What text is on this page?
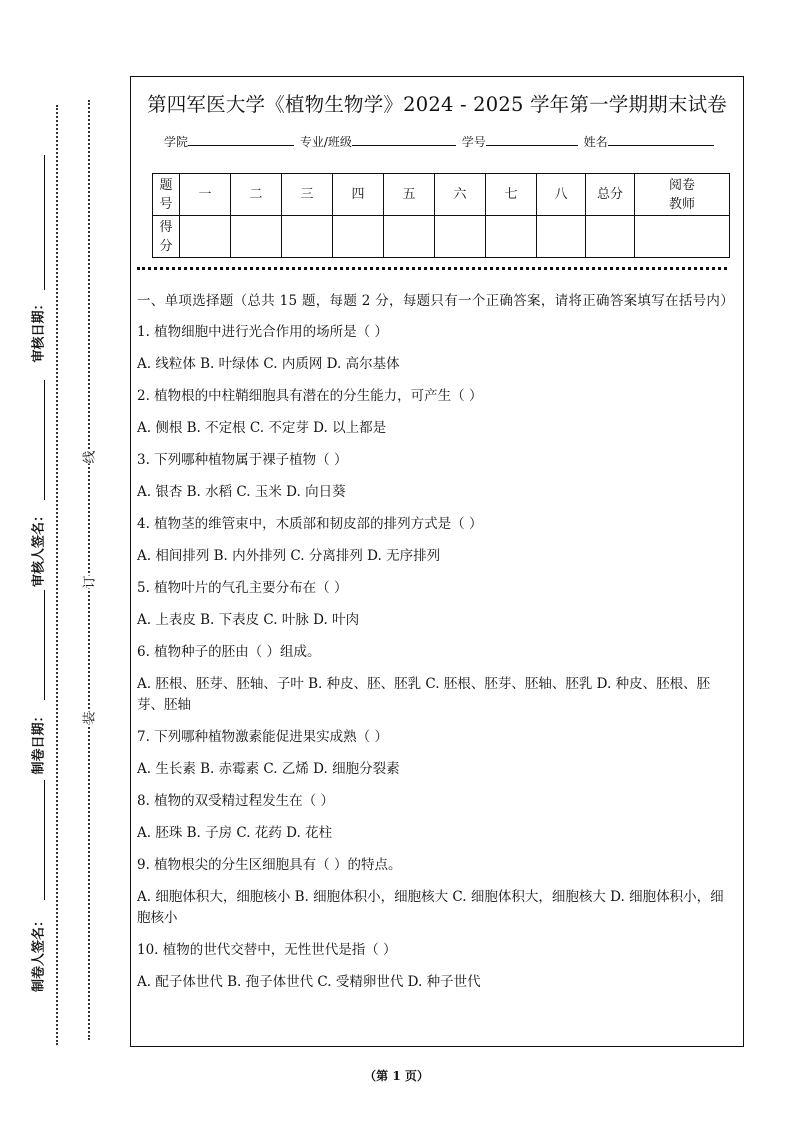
审核日期：
审核人签名：
制卷日期：
制卷人签名：
线
订
装
第四军医大学《植物生物学》2024 - 2025 学年第一学期期末试卷
学院	专业/班级	学号	姓名
题
号	一	二	三	四	五	六	七	八	总分	阅卷
教师
得
分										

一、单项选择题（总共 15 题，每题 2 分，每题只有一个正确答案，请将正确答案填写在括号内）

1. 植物细胞中进行光合作用的场所是（ ）

A. 线粒体 B. 叶绿体 C. 内质网 D. 高尔基体

2. 植物根的中柱鞘细胞具有潜在的分生能力，可产生（ ）

A. 侧根 B. 不定根 C. 不定芽 D. 以上都是

3. 下列哪种植物属于裸子植物（ ）

A. 银杏 B. 水稻 C. 玉米 D. 向日葵

4. 植物茎的维管束中，木质部和韧皮部的排列方式是（ ）

A. 相间排列 B. 内外排列 C. 分离排列 D. 无序排列

5. 植物叶片的气孔主要分布在（ ）

A. 上表皮 B. 下表皮 C. 叶脉 D. 叶肉

6. 植物种子的胚由（ ）组成。

A. 胚根、胚芽、胚轴、子叶 B. 种皮、胚、胚乳 C. 胚根、胚芽、胚轴、胚乳 D. 种皮、胚根、胚芽、胚轴

7. 下列哪种植物激素能促进果实成熟（ ）

A. 生长素 B. 赤霉素 C. 乙烯 D. 细胞分裂素

8. 植物的双受精过程发生在（ ）

A. 胚珠 B. 子房 C. 花药 D. 花柱

9. 植物根尖的分生区细胞具有（ ）的特点。

A. 细胞体积大，细胞核小 B. 细胞体积小，细胞核大 C. 细胞体积大，细胞核大 D. 细胞体积小，细胞核小

10. 植物的世代交替中，无性世代是指（ ）

A. 配子体世代 B. 孢子体世代 C. 受精卵世代 D. 种子世代

（第 1 页）
